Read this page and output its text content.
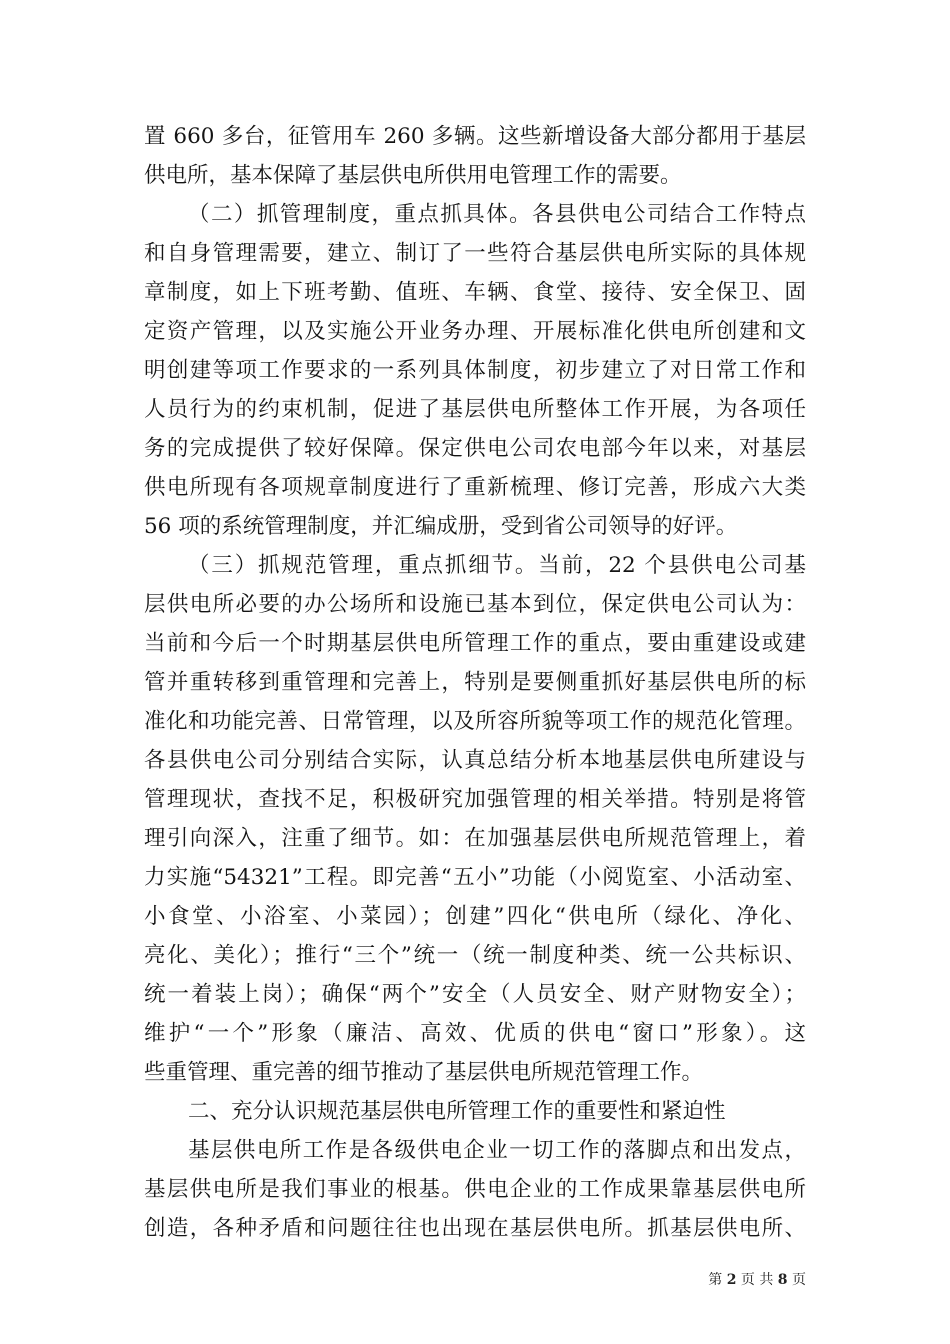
置 660 多台，征管用车 260 多辆。这些新增设备大部分都用于基层
供电所，基本保障了基层供电所供用电管理工作的需要。
（二）抓管理制度，重点抓具体。各县供电公司结合工作特点
和自身管理需要，建立、制订了一些符合基层供电所实际的具体规
章制度，如上下班考勤、值班、车辆、食堂、接待、安全保卫、固
定资产管理，以及实施公开业务办理、开展标准化供电所创建和文
明创建等项工作要求的一系列具体制度，初步建立了对日常工作和
人员行为的约束机制，促进了基层供电所整体工作开展，为各项任
务的完成提供了较好保障。保定供电公司农电部今年以来，对基层
供电所现有各项规章制度进行了重新梳理、修订完善，形成六大类
56 项的系统管理制度，并汇编成册，受到省公司领导的好评。
（三）抓规范管理，重点抓细节。当前，22 个县供电公司基
层供电所必要的办公场所和设施已基本到位，保定供电公司认为：
当前和今后一个时期基层供电所管理工作的重点，要由重建设或建
管并重转移到重管理和完善上，特别是要侧重抓好基层供电所的标
准化和功能完善、日常管理，以及所容所貌等项工作的规范化管理。
各县供电公司分别结合实际，认真总结分析本地基层供电所建设与
管理现状，查找不足，积极研究加强管理的相关举措。特别是将管
理引向深入，注重了细节。如：在加强基层供电所规范管理上，着
力实施“54321”工程。即完善“五小”功能（小阅览室、小活动室、
小食堂、小浴室、小菜园）；创建”四化“供电所（绿化、净化、
亮化、美化）；推行“三个”统一（统一制度种类、统一公共标识、
统一着装上岗）；确保“两个”安全（人员安全、财产财物安全）；
维护“一个”形象（廉洁、高效、优质的供电“窗口”形象）。这
些重管理、重完善的细节推动了基层供电所规范管理工作。
二、充分认识规范基层供电所管理工作的重要性和紧迫性
基层供电所工作是各级供电企业一切工作的落脚点和出发点，
基层供电所是我们事业的根基。供电企业的工作成果靠基层供电所
创造，各种矛盾和问题往往也出现在基层供电所。抓基层供电所、
第 2 页 共 8 页
